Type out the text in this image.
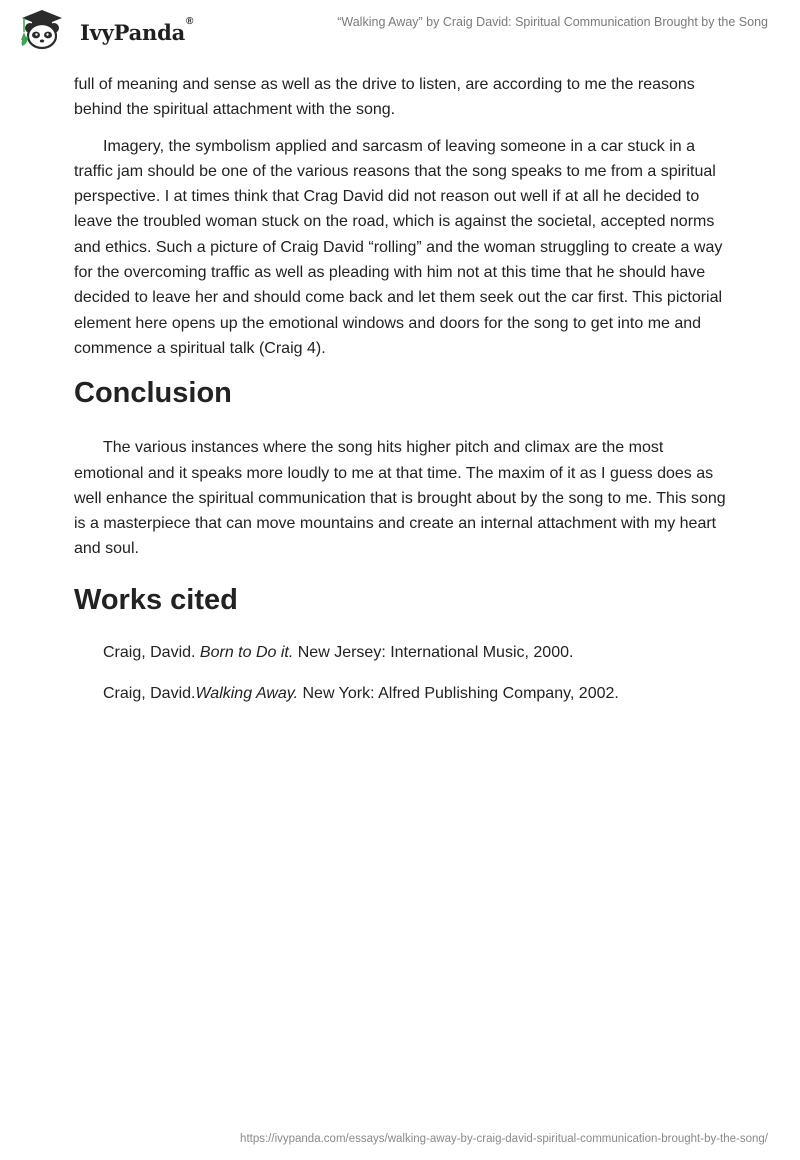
IvyPanda®	“Walking Away” by Craig David: Spiritual Communication Brought by the Song

full of meaning and sense as well as the drive to listen, are according to me the reasons behind the spiritual attachment with the song.

Imagery, the symbolism applied and sarcasm of leaving someone in a car stuck in a traffic jam should be one of the various reasons that the song speaks to me from a spiritual perspective. I at times think that Crag David did not reason out well if at all he decided to leave the troubled woman stuck on the road, which is against the societal, accepted norms and ethics. Such a picture of Craig David “rolling” and the woman struggling to create a way for the overcoming traffic as well as pleading with him not at this time that he should have decided to leave her and should come back and let them seek out the car first. This pictorial element here opens up the emotional windows and doors for the song to get into me and commence a spiritual talk (Craig 4).

Conclusion

The various instances where the song hits higher pitch and climax are the most emotional and it speaks more loudly to me at that time. The maxim of it as I guess does as well enhance the spiritual communication that is brought about by the song to me. This song is a masterpiece that can move mountains and create an internal attachment with my heart and soul.

Works cited
Craig, David. Born to Do it. New Jersey: International Music, 2000.
Craig, David.Walking Away. New York: Alfred Publishing Company, 2002.
https://ivypanda.com/essays/walking-away-by-craig-david-spiritual-communication-brought-by-the-song/
